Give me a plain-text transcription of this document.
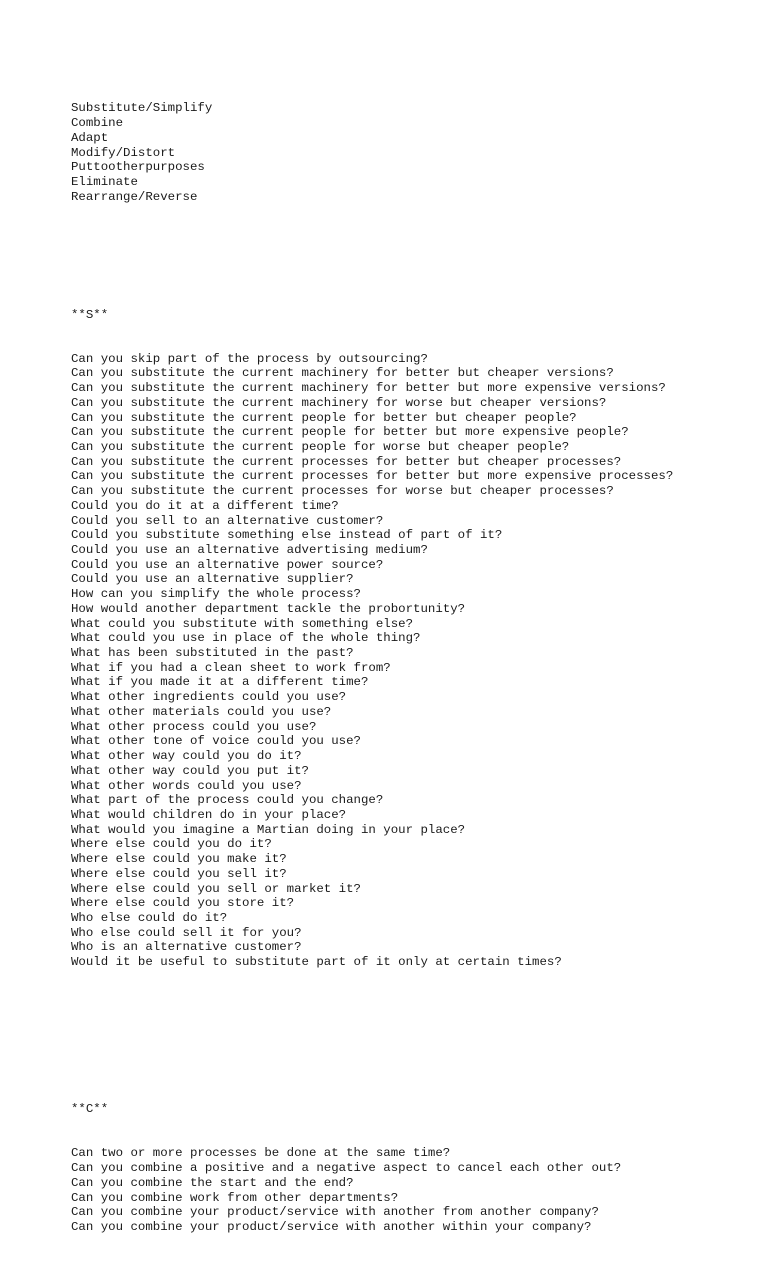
Substitute/Simplify
Combine
Adapt
Modify/Distort
Puttootherpurposes
Eliminate
Rearrange/Reverse

**S**

Can you skip part of the process by outsourcing?
Can you substitute the current machinery for better but cheaper versions?
Can you substitute the current machinery for better but more expensive versions?
Can you substitute the current machinery for worse but cheaper versions?
Can you substitute the current people for better but cheaper people?
Can you substitute the current people for better but more expensive people?
Can you substitute the current people for worse but cheaper people?
Can you substitute the current processes for better but cheaper processes?
Can you substitute the current processes for better but more expensive processes?
Can you substitute the current processes for worse but cheaper processes?
Could you do it at a different time?
Could you sell to an alternative customer?
Could you substitute something else instead of part of it?
Could you use an alternative advertising medium?
Could you use an alternative power source?
Could you use an alternative supplier?
How can you simplify the whole process?
How would another department tackle the probortunity?
What could you substitute with something else?
What could you use in place of the whole thing?
What has been substituted in the past?
What if you had a clean sheet to work from?
What if you made it at a different time?
What other ingredients could you use?
What other materials could you use?
What other process could you use?
What other tone of voice could you use?
What other way could you do it?
What other way could you put it?
What other words could you use?
What part of the process could you change?
What would children do in your place?
What would you imagine a Martian doing in your place?
Where else could you do it?
Where else could you make it?
Where else could you sell it?
Where else could you sell or market it?
Where else could you store it?
Who else could do it?
Who else could sell it for you?
Who is an alternative customer?
Would it be useful to substitute part of it only at certain times?

**C**

Can two or more processes be done at the same time?
Can you combine a positive and a negative aspect to cancel each other out?
Can you combine the start and the end?
Can you combine work from other departments?
Can you combine your product/service with another from another company?
Can you combine your product/service with another within your company?
